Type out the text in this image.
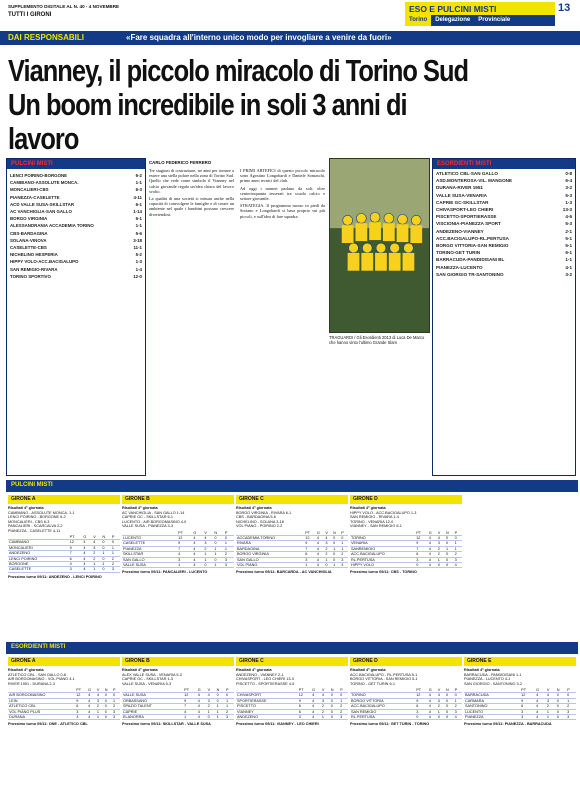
SUPPLEMENTO DIGITALE AL N. 40 - 4 NOVEMBRE
TUTTI I GIRONI
ESO E PULCINI MISTI	13
Torino	Delegazione	Provinciale
DAI RESPONSABILI	«Fare squadra all'interno unico modo per invogliare a venire da fuori»
Vianney, il piccolo miracolo di Torino Sud
Un boom incredibile in soli 3 anni di lavoro
PULCINI MISTI
LENCI POIRINO-BORGONE	6-2
CAMBIANO-ASSOLUTE MONCA.	1-1
MONCALIERI-CBS	6-3
PIANEZZA-CASELETTE	4-11
ACD VALLE SUSA-SKILLSTAR	6-1
AC VANCHIGLIA-SAN GALLO	1-14
BORGO VIRGINIA	6-1
ALESSANDRANIA ACCADEMIA TORINO	1-1
CBS-BARDAGINA	5-6
SOLANA-VINOVA	3-18
CASELETTE-CBS	11-1
NICHELINO HESPERIA	5-2
HIPPY VOLO-ACC.BACIGALUPO	1-3
SAN REMIGIO-RIVARA	1-4
TORINO SPORTIVO	12-0
CARLO FEDERICO FERRERO

Tre stagioni di costruzione, tre anni per tornare a essere una stella polare nella zona di Torino Sud. Quello che vede come simbolo il Vianney nel calcio giovanile regala un'idea chiara del lavoro svolto.

La qualità di una società si misura anche nella capacità di coinvolgere le famiglie e di creare un ambiente nel quale i bambini possano crescere divertendosi.

I PRIMI ARTEFICI di questo piccolo miracolo sono Agostino Longobardi e Daniele Somaschi, primo anno tecnici del club.

Ad oggi i numeri parlano da soli: oltre centocinquanta tesserati tra scuola calcio e settore giovanile.

STRATEGIA. Il programma mosso in piedi da Soriano e Longobardi si basa proprio sui più piccoli, e sull'idea di fare squadra.

TRAGUARDI / Gli Esordienti 2013 di Luca De Marco che hanno vinto l'ultimo Grande Slam
ESORDIENTI MISTI
ATLETICO CBL-SAN GALLO	0-8
ASD.MONTEROSA-VIL. MANGONE	6-4
DURANA-RIVER 1951	3-2
VALLE SUSA-VENARIA	5-3
CAPRIE GC-SKILLSTAR	1-3
CHIVASPORT-LEO CHIERI	13-3
PISCETTO-SPORTIERASSE	4-6
VISCIONIA-PIANEZZA SPORT	5-3
ANDEZENO-VIANNEY	2-1
ACC.BACIGALUPO-RL.PERTUSA	5-1
BORGO VITTORIA-SAN REMIGIO	5-1
TORINO-GET TURIN	6-1
BARRACUDA-PANDIDISANI BL	1-1
PIANEZZA-LUCENTO	4-1
SAN GIORGIO TR-SANTONINO	3-2
PULCINI MISTI
GIRONE A
Risultati 4ª giornata
CAMBIANO - ASSOLUTE MONCA. 1-1
LENCI POIRINO - BORGONE 6-2
MONCALIERI - CBS 6-3
PANCALIERI - SCARCALVA 2-2
PIANEZZA - CASELETTE 4-11
	PT	G	V	N	P
CAMBIANO	12	4	4	0	0
MONCALIERI	9	4	3	0	1
ANDEZENO	7	4	2	1	1
LENCI POIRINO	6	4	2	0	2
BORGONE	4	4	1	1	2
CASELETTE	3	4	1	0	3
Prossimo turno 09/11: ANDEZENO - LENCI POIRINO
GIRONE B
Risultati 4ª giornata
AC VANCHIGLIA - SAN GALLO 1-14
CAPRIE GC - SKILLSTAR 6-1
LUCENTO - AIR BORGOMASINO 4-0
VALLE SUSA - PIANEZZA 3-3
	PT	G	V	N	P
LUCENTO	12	4	4	0	0
CASELETTE	9	4	3	0	1
PIANEZZA	7	4	2	1	1
SKILLSTAR	4	4	1	1	2
SAN GALLO	3	4	1	0	3
VALLE SUSA	1	4	0	1	3
Prossimo turno 09/11: PANCALIERI - LUCENTO
GIRONE C
Risultati 4ª giornata
BORGO VIRGINIA - RIVARA 6-1
CBS - BARDAGINA 5-6
NICHELINO - SOLANA 3-18
VOL PIANO - POIRINO 2-2
	PT	G	V	N	P
ACCADEMIA TORINO	12	4	4	0	0
RIVARA	9	4	3	0	1
BARDAGINA	7	4	2	1	1
BORGO VIRGINIA	6	4	2	0	2
SAN GALLO	3	4	1	0	3
VOL PIANO	1	4	0	1	3
Prossimo turno 09/11: BARCARDA - AC VANCHIGLIA
GIRONE D
Risultati 4ª giornata
HIPPY VOLO - ACC.BACIGALUPO 1-3
SAN REMIGIO - RIVARA 1-4
TORINO - VENARIA 12-0
VIANNEY - SAN REMIGIO 6-1
	PT	G	V	N	P
TORINO	12	4	4	0	0
VENARIA	9	4	3	0	1
SANREMIGIO	7	4	2	1	1
ACC.BACIGALUPO	6	4	2	0	2
RL.PERTUSA	3	4	1	0	3
HIPPY VOLO	0	4	0	0	4
Prossimo turno 09/11: CBS - TORINO
ESORDIENTI MISTI
GIRONE A
Risultati 4ª giornata
ATLETICO CBL - SAN GALLO 0-8
AIR BORGOMASINO - VOL PIANO 4-1
RIVER 1951 - DURANA 2-3
	PT	G	V	N	P
AIR BORGOMASINO	12	4	4	0	0
LEIN	9	4	3	0	1
ATLETICO CBL	6	4	2	0	2
VOL PIANO PLUS	3	4	1	0	3
DURANA	3	4	1	0	3
Prossimo turno 09/11: ONE - ATLETICO CBL
GIRONE B
Risultati 4ª giornata
ALEX VALLE SUSA - VENARIA 5-3
CAPRIE GC - SKILLSTAR 1-3
VALLE SUSA - VENARIA 5-3
	PT	G	V	N	P
VALLE SUSA	12	4	4	0	0
ORBASSANO	9	4	3	0	1
SPAZIO TALENT	7	4	2	1	1
CAPRIE	4	4	1	1	2
ELANORRA	1	4	0	1	3
Prossimo turno 09/11: SKILLSTAR - VALLE SUSA
GIRONE C
Risultati 4ª giornata
ANDEZENO - VIANNEY 2-1
CHIVASPORT - LEO CHIERI 13-3
PISCETTO - SPORTIERASSE 4-6
	PT	G	V	N	P
CHIVASPORT	12	4	4	0	0
SPORTIERASSE	9	4	3	0	1
PISCETTO	6	4	2	0	2
VIANNEY	6	4	2	0	2
ANDEZENO	3	4	1	0	3
Prossimo turno 09/11: VIANNEY - LEO CHIERI
GIRONE D
Risultati 4ª giornata
ACC.BACIGALUPO - RL.PERTUSA 5-1
BORGO VITTORIA - SAN REMIGIO 5-1
TORINO - GET TURIN 6-1
	PT	G	V	N	P
TORINO	12	4	4	0	0
BORGO VITTORIA	9	4	3	0	1
ACC.BACIGALUPO	6	4	2	0	2
SAN REMIGIO	3	4	1	0	3
RL.PERTUSA	0	4	0	0	4
Prossimo turno 09/11: GET TURIN - TORINO
GIRONE E
Risultati 4ª giornata
BARRACUDA - PANDIDISANI 1-1
PIANEZZA - LUCENTO 4-1
SAN GIORGIO - SANTONINO 3-2
	PT	G	V	N	P
BARRACUDA	12	4	4	0	0
CARMARA	9	4	3	0	1
SANTONINO	6	4	2	0	2
LUCENTO	3	4	1	0	3
PIANEZZA	3	4	1	0	3
Prossimo turno 09/11: PIANEZZA - BARRACUDA
